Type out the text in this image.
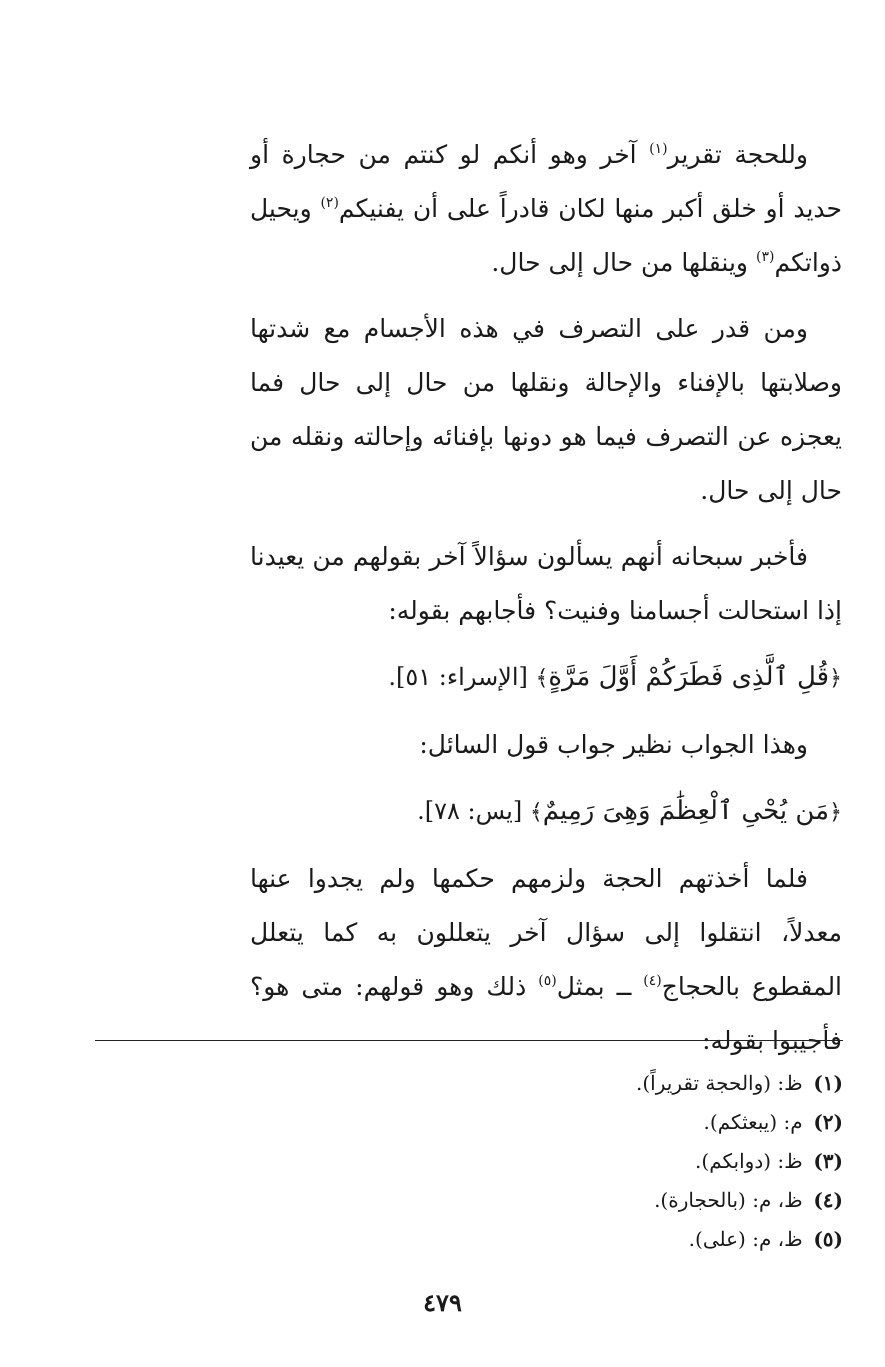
وللحجة تقرير$^{(١)}$ آخر وهو أنكم لو كنتم من حجارة أو حديد أو خلق أكبر منها لكان قادراً على أن يفنيكم$^{(٢)}$ ويحيل ذواتكم$^{(٣)}$ وينقلها من حال إلى حال.

ومن قدر على التصرف في هذه الأجسام مع شدتها وصلابتها بالإفناء والإحالة ونقلها من حال إلى حال فما يعجزه عن التصرف فيما هو دونها بإفنائه وإحالته ونقله من حال إلى حال.

فأخبر سبحانه أنهم يسألون سؤالاً آخر بقولهم من يعيدنا إذا استحالت أجسامنا وفنيت؟ فأجابهم بقوله:

﴿قُلِ ٱلَّذِى فَطَرَكُمْ أَوَّلَ مَرَّةٍ﴾ [الإسراء: ٥١].

وهذا الجواب نظير جواب قول السائل:

﴿مَن يُحْىِ ٱلْعِظَٰمَ وَهِىَ رَمِيمٌ﴾ [يس: ٧٨].

فلما أخذتهم الحجة ولزمهم حكمها ولم يجدوا عنها معدلاً، انتقلوا إلى سؤال آخر يتعللون به كما يتعلل المقطوع بالحجاج$^{(٤)}$ ــ بمثل$^{(٥)}$ ذلك وهو قولهم: متى هو؟ فأجيبوا بقوله:

(١) ظ: (والحجة تقريراً).
(٢) م: (يبعثكم).
(٣) ظ: (دوابكم).
(٤) ظ، م: (بالحجارة).
(٥) ظ، م: (على).
٤٧٩
